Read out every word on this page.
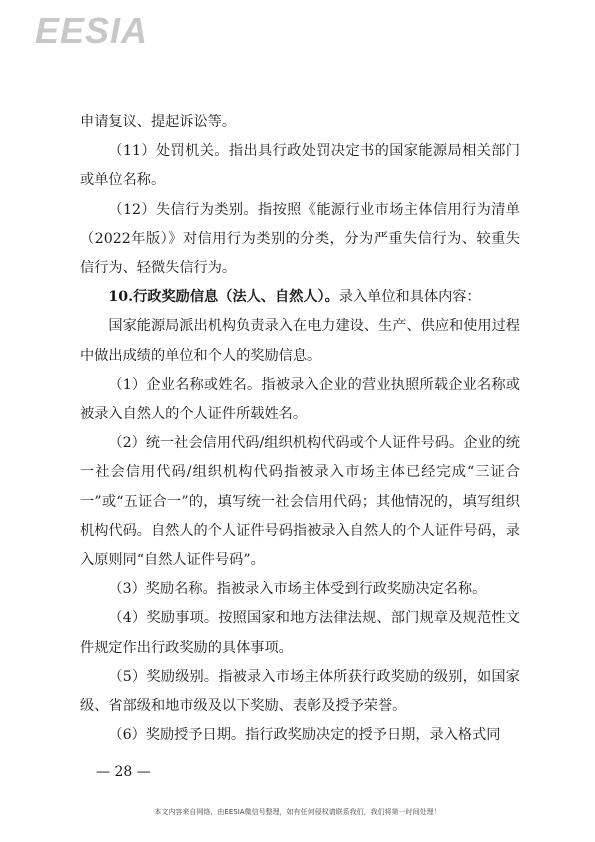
EESIA

申请复议、提起诉讼等。

（11）处罚机关。指出具行政处罚决定书的国家能源局相关部门或单位名称。

（12）失信行为类别。指按照《能源行业市场主体信用行为清单（2022年版）》对信用行为类别的分类，分为严重失信行为、较重失信行为、轻微失信行为。

10.行政奖励信息（法人、自然人）。录入单位和具体内容：

国家能源局派出机构负责录入在电力建设、生产、供应和使用过程中做出成绩的单位和个人的奖励信息。

（1）企业名称或姓名。指被录入企业的营业执照所载企业名称或被录入自然人的个人证件所载姓名。

（2）统一社会信用代码/组织机构代码或个人证件号码。企业的统一社会信用代码/组织机构代码指被录入市场主体已经完成“三证合一”或“五证合一”的，填写统一社会信用代码；其他情况的，填写组织机构代码。自然人的个人证件号码指被录入自然人的个人证件号码，录入原则同“自然人证件号码”。

（3）奖励名称。指被录入市场主体受到行政奖励决定名称。

（4）奖励事项。按照国家和地方法律法规、部门规章及规范性文件规定作出行政奖励的具体事项。

（5）奖励级别。指被录入市场主体所获行政奖励的级别，如国家级、省部级和地市级及以下奖励、表彰及授予荣誉。

（6）奖励授予日期。指行政奖励决定的授予日期，录入格式同

— 28 —
本文内容来自网络，由EESIA微信号整理，如有任何侵权请联系我们，我们将第一时间处理！
